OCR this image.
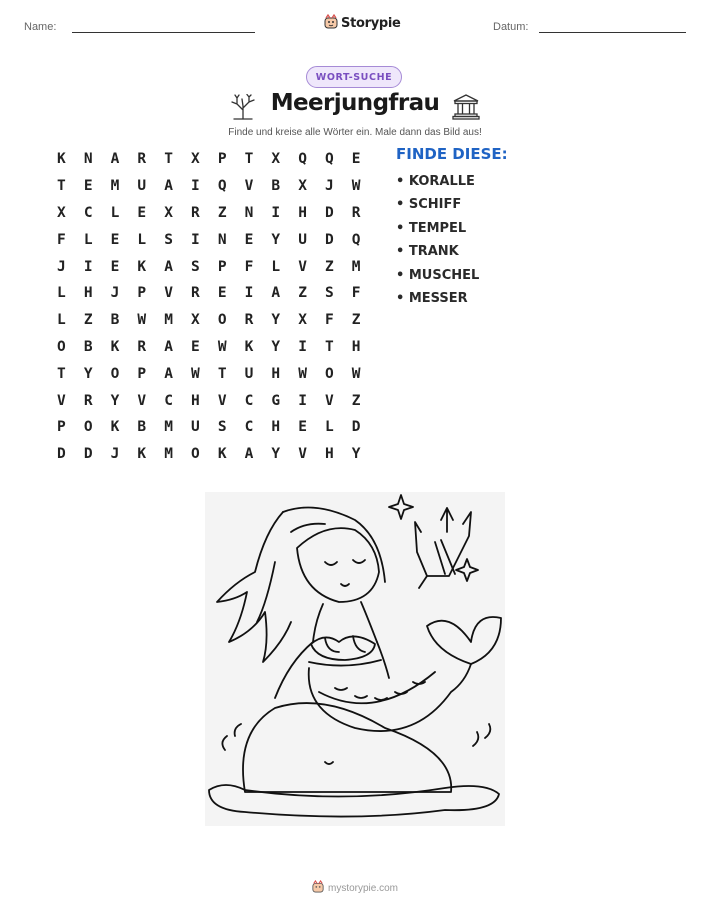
Name:	Storypie	Datum:
WORT-SUCHE
Meerjungfrau
Finde und kreise alle Wörter ein. Male dann das Bild aus!
K	N	A	R	T	X	P	T	X	Q	Q	E
T	E	M	U	A	I	Q	V	B	X	J	W
X	C	L	E	X	R	Z	N	I	H	D	R
F	L	E	L	S	I	N	E	Y	U	D	Q
J	I	E	K	A	S	P	F	L	V	Z	M
L	H	J	P	V	R	E	I	A	Z	S	F
L	Z	B	W	M	X	O	R	Y	X	F	Z
O	B	K	R	A	E	W	K	Y	I	T	H
T	Y	O	P	A	W	T	U	H	W	O	W
V	R	Y	V	C	H	V	C	G	I	V	Z
P	O	K	B	M	U	S	C	H	E	L	D
D	D	J	K	M	O	K	A	Y	V	H	Y
FINDE DIESE:
• KORALLE
• SCHIFF
• TEMPEL
• TRANK
• MUSCHEL
• MESSER
mystorypie.com
